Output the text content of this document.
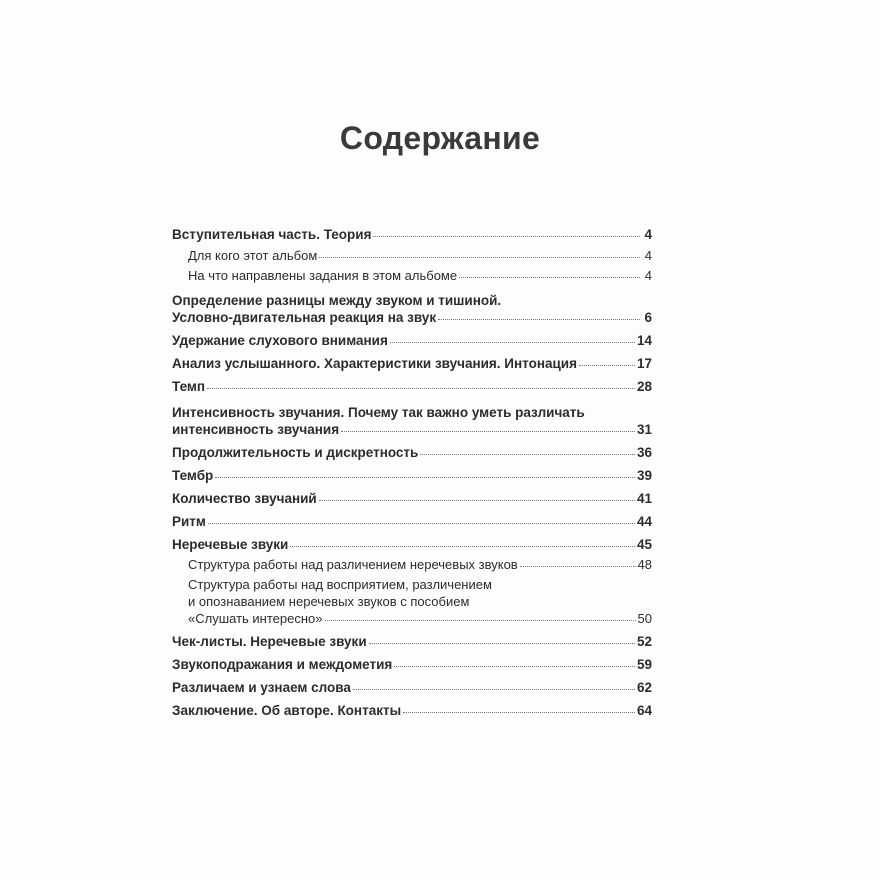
Содержание
Вступительная часть. Теория	4
Для кого этот альбом	4
На что направлены задания в этом альбоме	4
Определение разницы между звуком и тишиной.
Условно-двигательная реакция на звук	6
Удержание слухового внимания	14
Анализ услышанного. Характеристики звучания. Интонация	17
Темп	28
Интенсивность звучания. Почему так важно уметь различать
интенсивность звучания	31
Продолжительность и дискретность	36
Тембр	39
Количество звучаний	41
Ритм	44
Неречевые звуки	45
Структура работы над различением неречевых звуков	48
Структура работы над восприятием, различением
и опознаванием неречевых звуков с пособием
«Слушать интересно»	50
Чек-листы. Неречевые звуки	52
Звукоподражания и междометия	59
Различаем и узнаем слова	62
Заключение. Об авторе. Контакты	64
